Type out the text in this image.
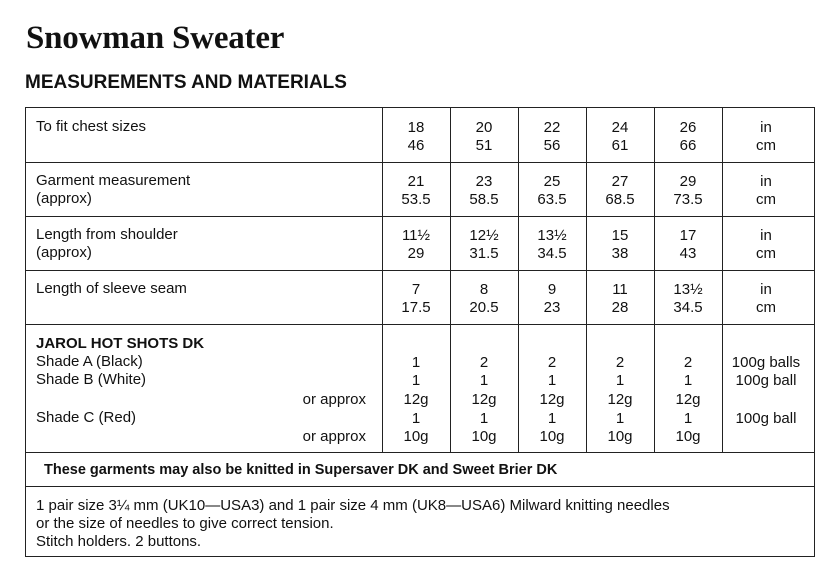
Snowman Sweater
MEASUREMENTS AND MATERIALS
To fit chest sizes	18
46
20
51
22
56
24
61
26
66
in
cm
Garment measurement
(approx)
21
53.5
23
58.5
25
63.5
27
68.5
29
73.5
in
cm
Length from shoulder
(approx)
11½
29
12½
31.5
13½
34.5
15
38
17
43
in
cm
Length of sleeve seam	7
17.5
8
20.5
9
23
11
28
13½
34.5
in
cm
JAROL HOT SHOTS DK
Shade A (Black)
Shade B (White)
or approx
Shade C (Red)
or approx
1
1
12g
1
10g
2
1
12g
1
10g
2
1
12g
1
10g
2
1
12g
1
10g
2
1
12g
1
10g
100g balls
100g ball
100g ball
These garments may also be knitted in Supersaver DK and Sweet Brier DK
1 pair size 3¼ mm (UK10—USA3) and 1 pair size 4 mm (UK8—USA6) Milward knitting needles
or the size of needles to give correct tension.
Stitch holders. 2 buttons.
